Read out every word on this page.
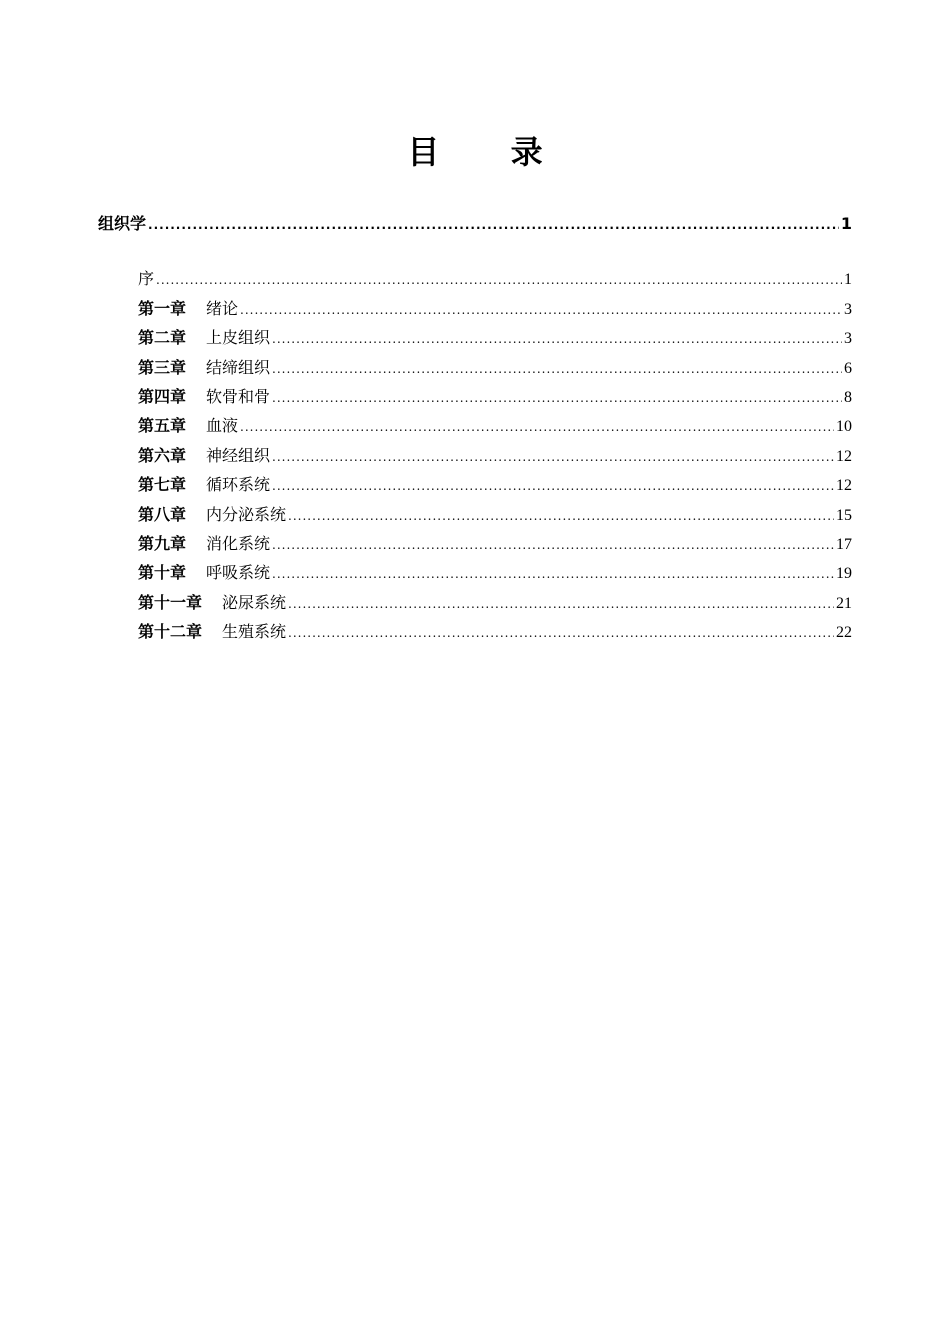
目 录
组织学 .....	1
序 .....	1
第一章 绪论 .....	3
第二章 上皮组织 .....	3
第三章 结缔组织 .....	6
第四章 软骨和骨 .....	8
第五章 血液 .....	10
第六章 神经组织 .....	12
第七章 循环系统 .....	12
第八章 内分泌系统 .....	15
第九章 消化系统 .....	17
第十章 呼吸系统 .....	19
第十一章 泌尿系统 .....	21
第十二章 生殖系统 .....	22
